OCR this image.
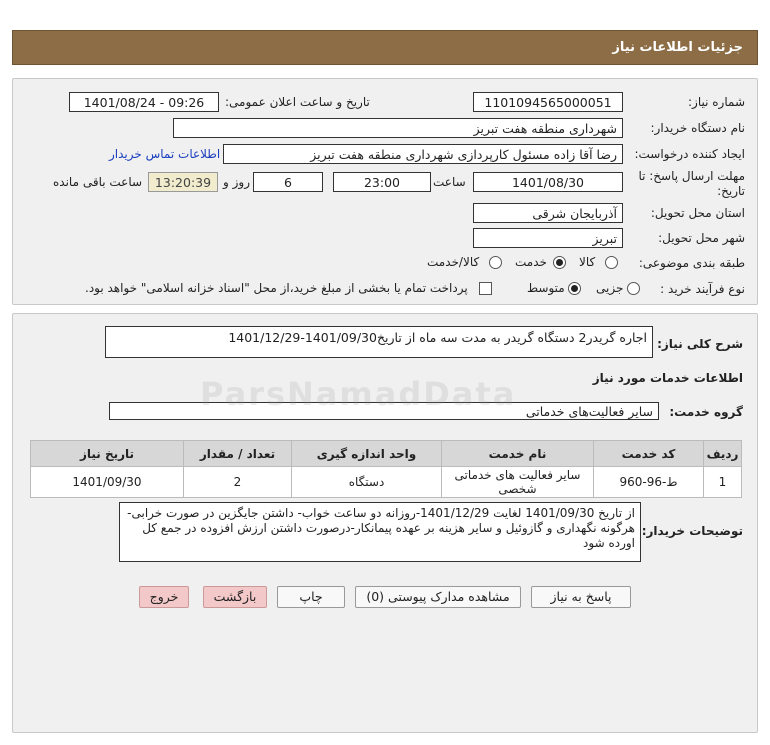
جزئیات اطلاعات نیاز
شماره نیاز:
1101094565000051
تاریخ و ساعت اعلان عمومی:
1401/08/24 - 09:26
نام دستگاه خریدار:
شهرداری منطقه هفت تبریز
ایجاد کننده درخواست:
رضا آقا زاده مسئول کارپردازی شهرداری منطقه هفت تبریز
اطلاعات تماس خریدار
مهلت ارسال پاسخ: تا
تاریخ:
1401/08/30
ساعت
23:00
6
روز و
13:20:39
ساعت باقی مانده
استان محل تحویل:
آذربایجان شرقی
شهر محل تحویل:
تبریز
طبقه بندی موضوعی:
کالا
خدمت
کالا/خدمت
نوع فرآیند خرید :
جزیی
متوسط
پرداخت تمام یا بخشی از مبلغ خرید،از محل "اسناد خزانه اسلامی" خواهد بود.
شرح کلی نیاز:
اجاره گریدر2 دستگاه گریدر به مدت سه ماه از تاریخ1401/09/30-1401/12/29
اطلاعات خدمات مورد نیاز
گروه خدمت:
سایر فعالیت‌های خدماتی
ردیف	کد خدمت	نام خدمت	واحد اندازه گیری	تعداد / مقدار	تاریخ نیاز
1	ط-96-960	سایر فعالیت های خدماتی شخصی	دستگاه	2	1401/09/30
توضیحات خریدار:
از تاریخ 1401/09/30 لغایت 1401/12/29-روزانه دو ساعت خواب- داشتن جایگزین در صورت خرابی- هرگونه نگهداری و گازوئیل و سایر هزینه بر عهده پیمانکار-درصورت داشتن ارزش افزوده در جمع کل اورده شود
پاسخ به نیاز
مشاهده مدارک پیوستی (0)
چاپ
بازگشت
خروج
ParsNamadData
